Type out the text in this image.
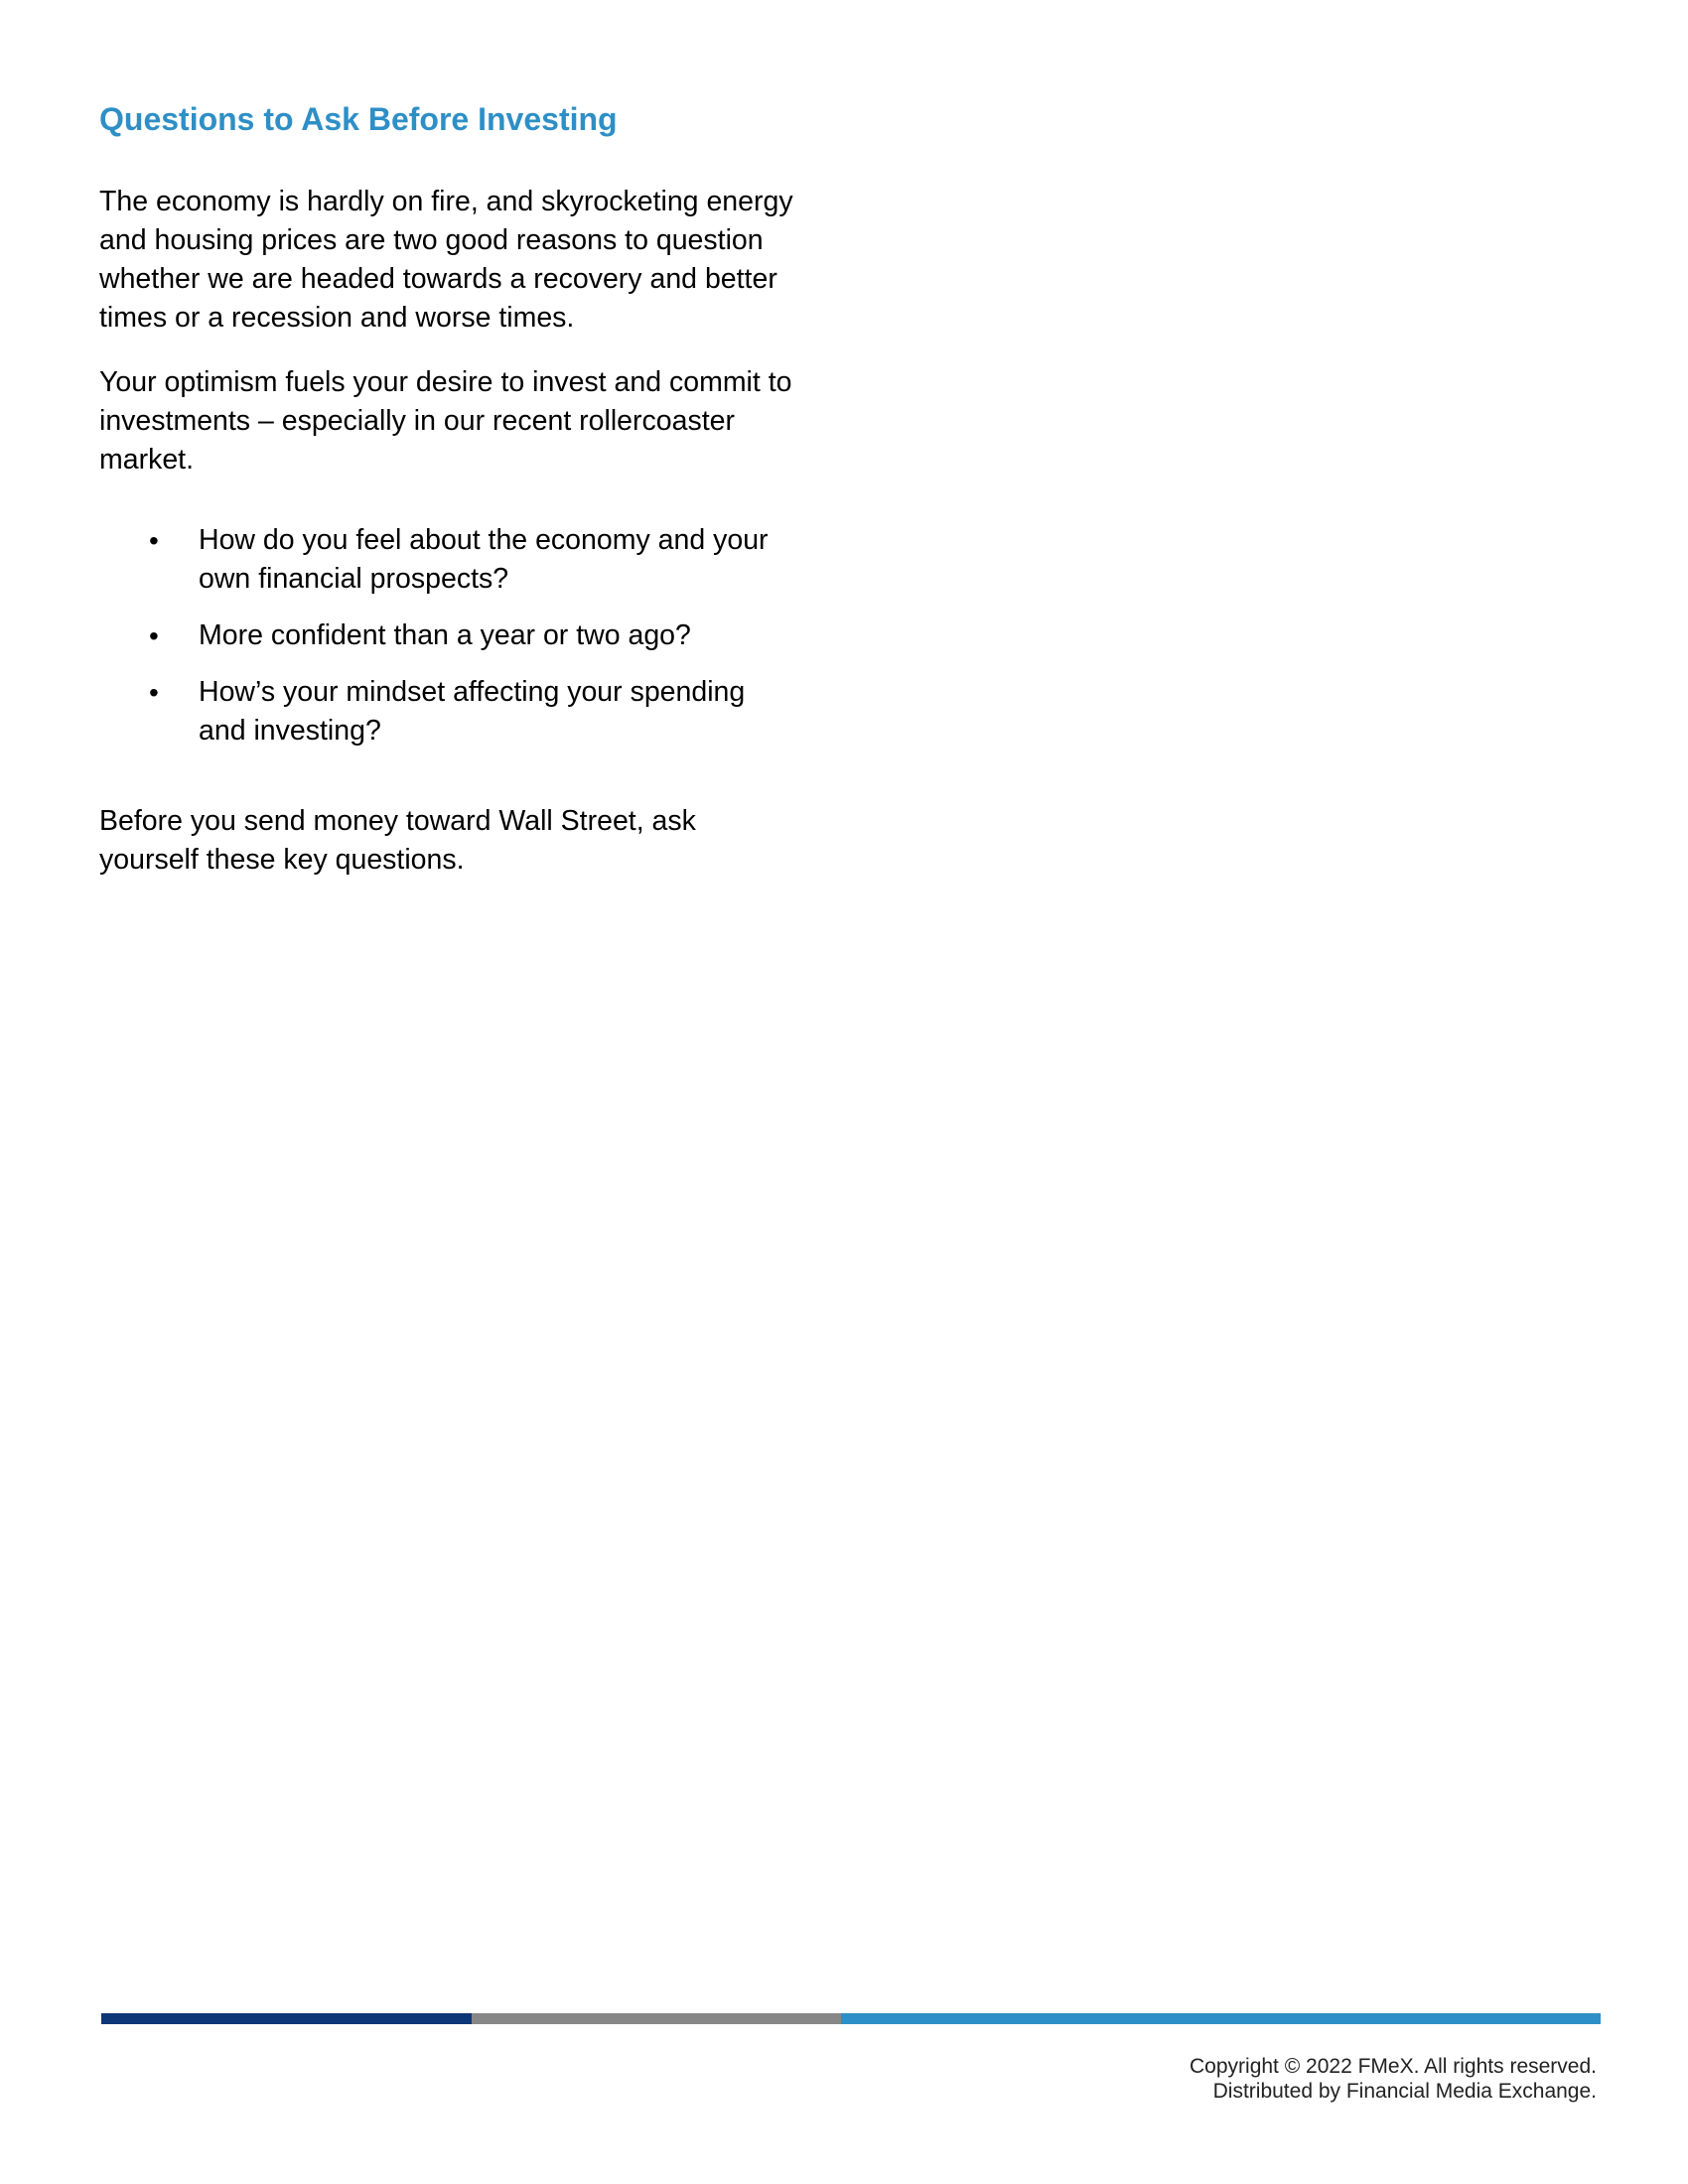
Questions to Ask Before Investing

The economy is hardly on fire, and skyrocketing energy and housing prices are two good reasons to question whether we are headed towards a recovery and better times or a recession and worse times.

Your optimism fuels your desire to invest and commit to investments – especially in our recent rollercoaster market.

• How do you feel about the economy and your own financial prospects?
• More confident than a year or two ago?
• How’s your mindset affecting your spending and investing?

Before you send money toward Wall Street, ask yourself these key questions.

Copyright © 2022 FMeX. All rights reserved.
Distributed by Financial Media Exchange.
